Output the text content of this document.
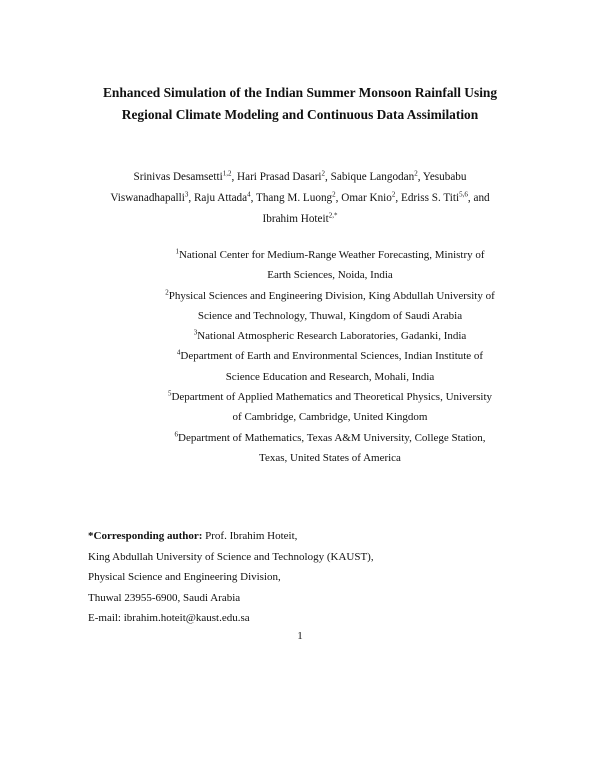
Enhanced Simulation of the Indian Summer Monsoon Rainfall Using
Regional Climate Modeling and Continuous Data Assimilation
Srinivas Desamsetti$^{1,2}$, Hari Prasad Dasari$^2$, Sabique Langodan$^2$, Yesubabu
Viswanadhapalli$^3$, Raju Attada$^4$, Thang M. Luong$^2$, Omar Knio$^2$, Edriss S. Titi$^{5,6}$, and
Ibrahim Hoteit$^{2,*}$
$^1$National Center for Medium-Range Weather Forecasting, Ministry of
Earth Sciences, Noida, India
$^2$Physical Sciences and Engineering Division, King Abdullah University of
Science and Technology, Thuwal, Kingdom of Saudi Arabia
$^3$National Atmospheric Research Laboratories, Gadanki, India
$^4$Department of Earth and Environmental Sciences, Indian Institute of
Science Education and Research, Mohali, India
$^5$Department of Applied Mathematics and Theoretical Physics, University
of Cambridge, Cambridge, United Kingdom
$^6$Department of Mathematics, Texas A&M University, College Station,
Texas, United States of America
*Corresponding author: Prof. Ibrahim Hoteit,
King Abdullah University of Science and Technology (KAUST),
Physical Science and Engineering Division,
Thuwal 23955-6900, Saudi Arabia
E-mail: ibrahim.hoteit@kaust.edu.sa
1
